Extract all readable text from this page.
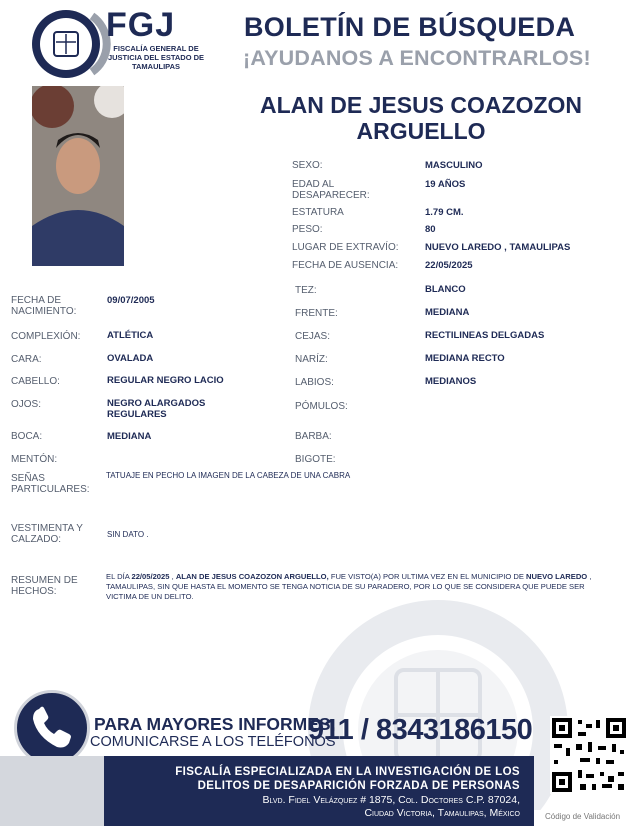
FGJ
FISCALÍA GENERAL DE JUSTICIA DEL ESTADO DE TAMAULIPAS
BOLETÍN DE BÚSQUEDA
¡AYUDANOS A ENCONTRARLOS!
ALAN DE JESUS COAZOZON
ARGUELLO
SEXO:	MASCULINO
EDAD AL DESAPARECER:
19 AÑOS
ESTATURA	1.79 CM.
PESO:	80
LUGAR DE EXTRAVÍO:	NUEVO LAREDO , TAMAULIPAS
FECHA DE AUSENCIA:	22/05/2025
TEZ:	BLANCO
FRENTE:	MEDIANA
CEJAS:	RECTILINEAS DELGADAS
NARÍZ:	MEDIANA RECTO
LABIOS:	MEDIANOS
PÓMULOS:
BARBA:
BIGOTE:
FECHA DE NACIMIENTO:
09/07/2005
COMPLEXIÓN:	ATLÉTICA
CARA:	OVALADA
CABELLO:	REGULAR NEGRO LACIO
OJOS:	NEGRO ALARGADOS REGULARES
BOCA:	MEDIANA
MENTÓN:
SEÑAS PARTICULARES:
TATUAJE EN PECHO LA IMAGEN DE LA CABEZA DE UNA CABRA
VESTIMENTA Y CALZADO:	SIN DATO .
RESUMEN DE HECHOS:
EL DÍA 22/05/2025 , ALAN DE JESUS COAZOZON ARGUELLO, FUE VISTO(A) POR ULTIMA VEZ EN EL MUNICIPIO DE NUEVO LAREDO , TAMAULIPAS, SIN QUE HASTA EL MOMENTO SE TENGA NOTICIA DE SU PARADERO, POR LO QUE SE CONSIDERA QUE PUEDE SER VICTIMA DE UN DELITO.
PARA MAYORES INFORMES,
COMUNICARSE A LOS TELÉFONOS
911 / 8343186150
FISCALÍA ESPECIALIZADA EN LA INVESTIGACIÓN DE LOS
DELITOS DE DESAPARICIÓN FORZADA DE PERSONAS
Blvd. Fidel Velázquez # 1875, Col. Doctores C.P. 87024,
Ciudad Victoria, Tamaulipas, México	Código de Validación
